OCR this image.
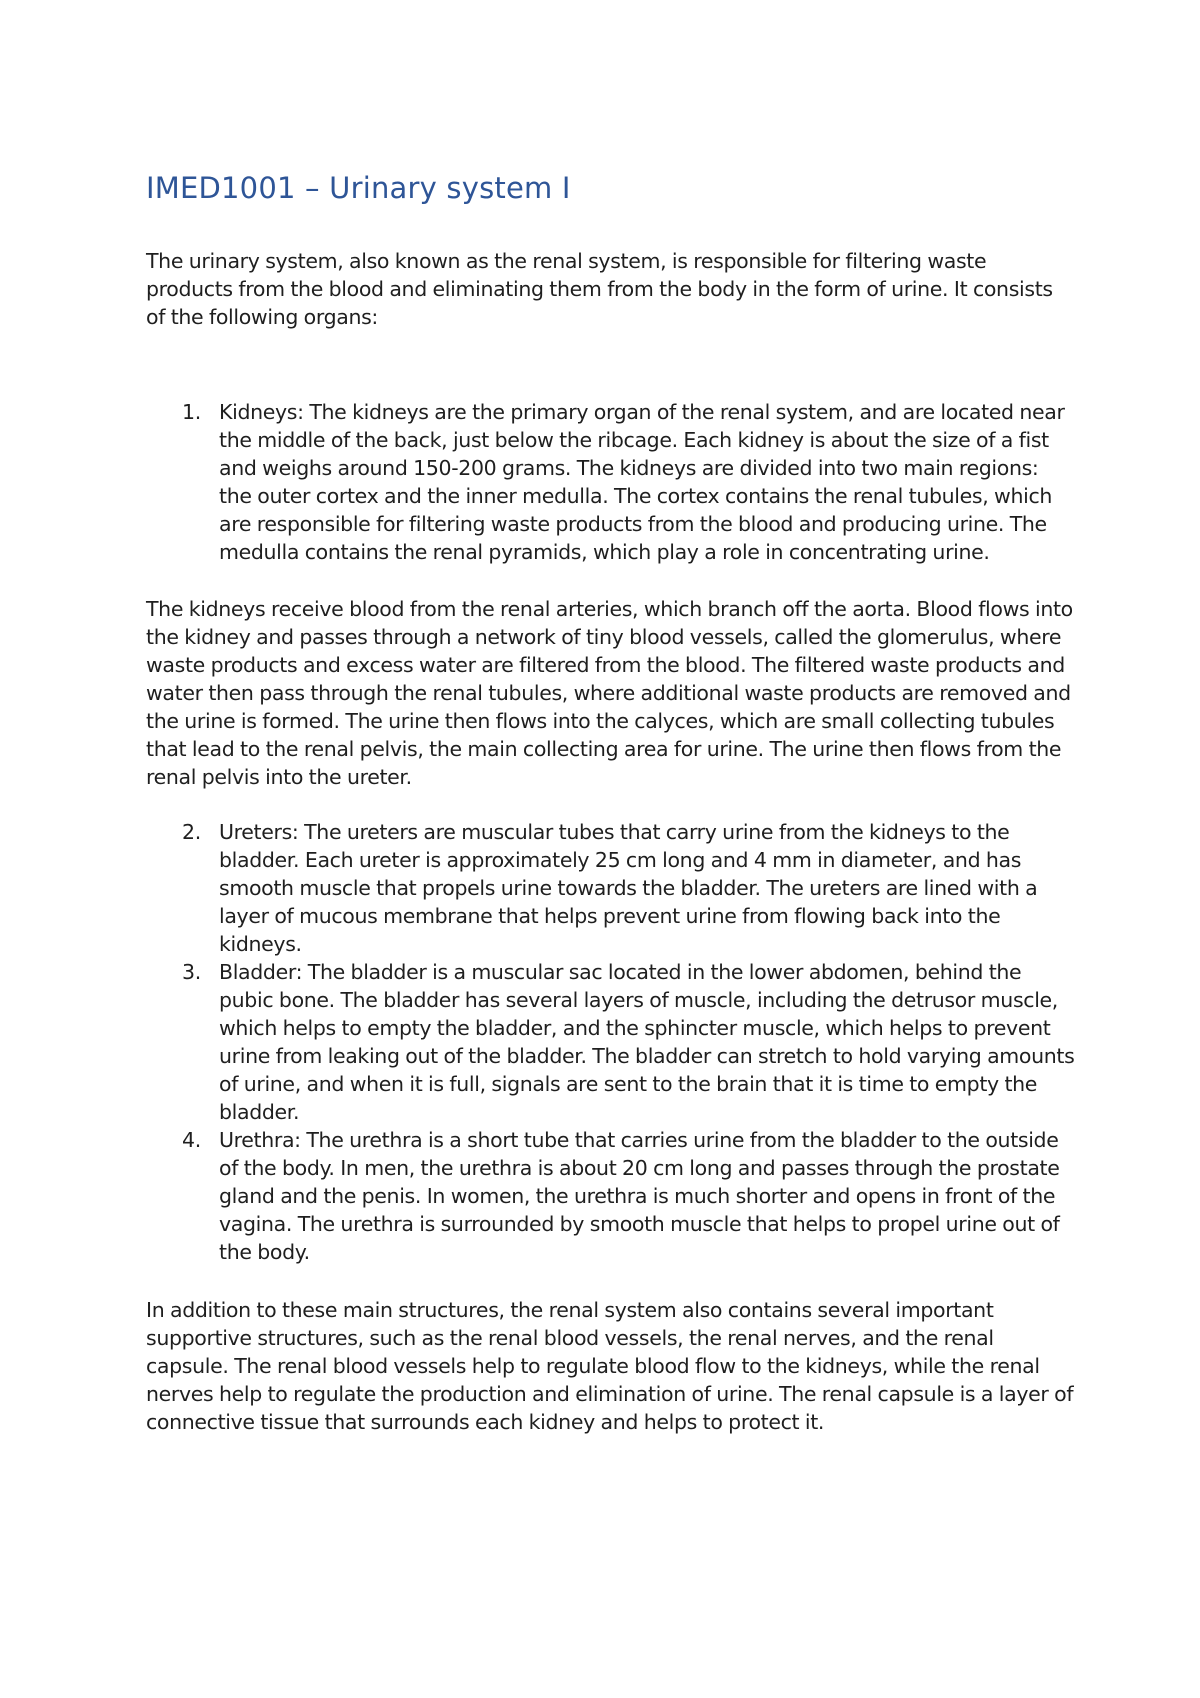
IMED1001 – Urinary system I

The urinary system, also known as the renal system, is responsible for filtering waste products from the blood and eliminating them from the body in the form of urine. It consists of the following organs:

1. Kidneys: The kidneys are the primary organ of the renal system, and are located near the middle of the back, just below the ribcage. Each kidney is about the size of a fist and weighs around 150-200 grams. The kidneys are divided into two main regions: the outer cortex and the inner medulla. The cortex contains the renal tubules, which are responsible for filtering waste products from the blood and producing urine. The medulla contains the renal pyramids, which play a role in concentrating urine.

The kidneys receive blood from the renal arteries, which branch off the aorta. Blood flows into the kidney and passes through a network of tiny blood vessels, called the glomerulus, where waste products and excess water are filtered from the blood. The filtered waste products and water then pass through the renal tubules, where additional waste products are removed and the urine is formed. The urine then flows into the calyces, which are small collecting tubules that lead to the renal pelvis, the main collecting area for urine. The urine then flows from the renal pelvis into the ureter.

2. Ureters: The ureters are muscular tubes that carry urine from the kidneys to the bladder. Each ureter is approximately 25 cm long and 4 mm in diameter, and has smooth muscle that propels urine towards the bladder. The ureters are lined with a layer of mucous membrane that helps prevent urine from flowing back into the kidneys.
3. Bladder: The bladder is a muscular sac located in the lower abdomen, behind the pubic bone. The bladder has several layers of muscle, including the detrusor muscle, which helps to empty the bladder, and the sphincter muscle, which helps to prevent urine from leaking out of the bladder. The bladder can stretch to hold varying amounts of urine, and when it is full, signals are sent to the brain that it is time to empty the bladder.
4. Urethra: The urethra is a short tube that carries urine from the bladder to the outside of the body. In men, the urethra is about 20 cm long and passes through the prostate gland and the penis. In women, the urethra is much shorter and opens in front of the vagina. The urethra is surrounded by smooth muscle that helps to propel urine out of the body.

In addition to these main structures, the renal system also contains several important supportive structures, such as the renal blood vessels, the renal nerves, and the renal capsule. The renal blood vessels help to regulate blood flow to the kidneys, while the renal nerves help to regulate the production and elimination of urine. The renal capsule is a layer of connective tissue that surrounds each kidney and helps to protect it.
